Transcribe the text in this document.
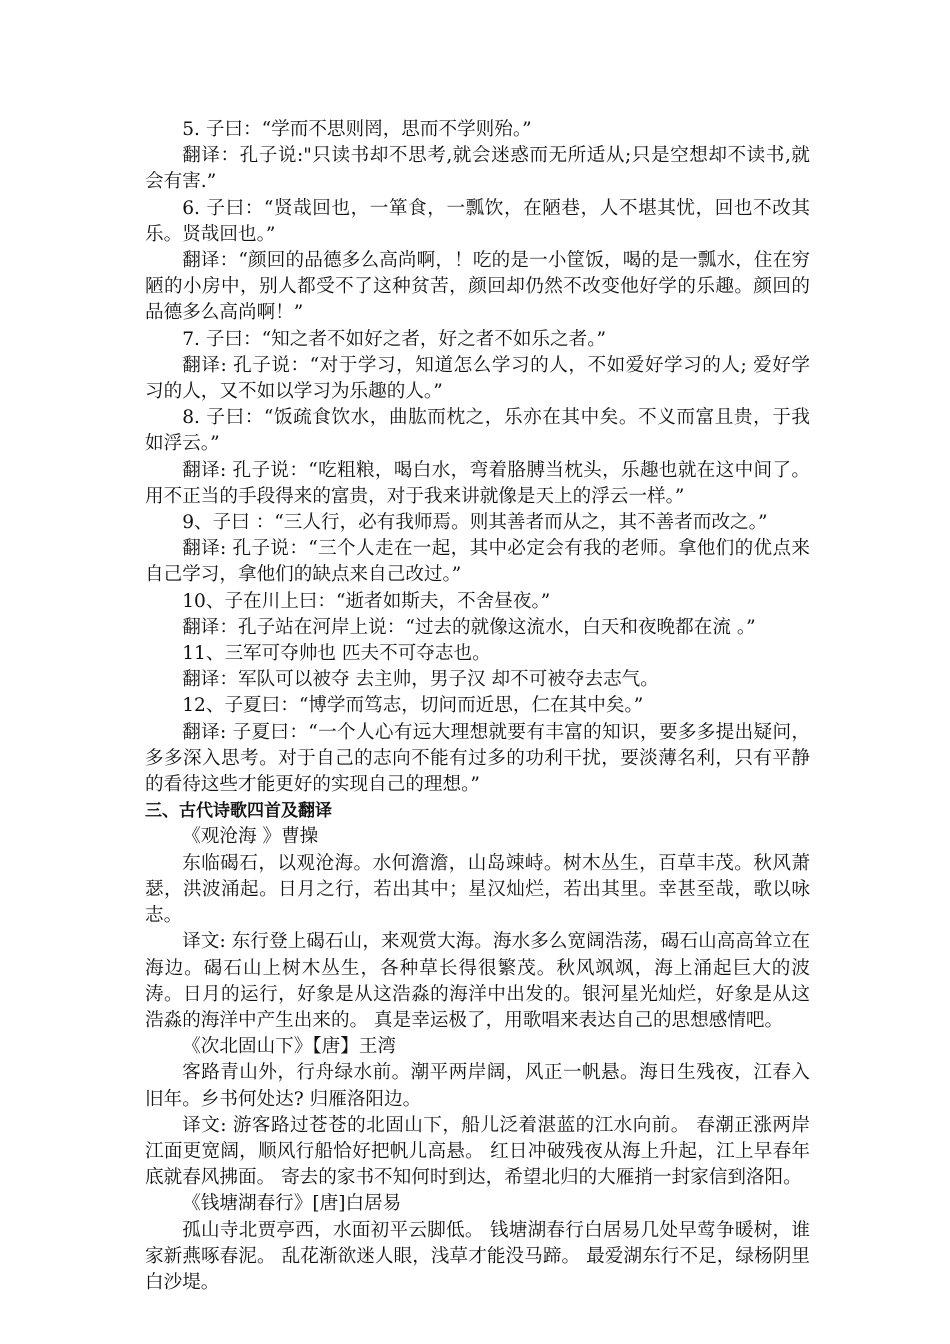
5. 子曰：“学而不思则罔，思而不学则殆。”

翻译：孔子说:"只读书却不思考,就会迷惑而无所适从;只是空想却不读书,就会有害.”

6. 子曰：“贤哉回也，一箪食，一瓢饮，在陋巷，人不堪其忧，回也不改其乐。贤哉回也。”

翻译：“颜回的品德多么高尚啊，！吃的是一小筐饭，喝的是一瓢水，住在穷陋的小房中，别人都受不了这种贫苦，颜回却仍然不改变他好学的乐趣。颜回的品德多么高尚啊！”

7. 子曰：“知之者不如好之者，好之者不如乐之者。”

翻译: 孔子说：“对于学习，知道怎么学习的人，不如爱好学习的人; 爱好学习的人，又不如以学习为乐趣的人。”

8. 子曰：“饭疏食饮水，曲肱而枕之，乐亦在其中矣。不义而富且贵，于我如浮云。”

翻译: 孔子说：“吃粗粮，喝白水，弯着胳膊当枕头，乐趣也就在这中间了。用不正当的手段得来的富贵，对于我来讲就像是天上的浮云一样。”

9、子曰 ：“三人行，必有我师焉。则其善者而从之，其不善者而改之。”

翻译: 孔子说：“三个人走在一起，其中必定会有我的老师。拿他们的优点来自己学习，拿他们的缺点来自己改过。”

10、子在川上曰：“逝者如斯夫，不舍昼夜。”

翻译：孔子站在河岸上说：“过去的就像这流水，白天和夜晚都在流 。”

11、三军可夺帅也 匹夫不可夺志也。

翻译：军队可以被夺 去主帅，男子汉 却不可被夺去志气。

12、子夏曰：“博学而笃志，切问而近思，仁在其中矣。”

翻译: 子夏曰：“一个人心有远大理想就要有丰富的知识，要多多提出疑问，多多深入思考。对于自己的志向不能有过多的功利干扰，要淡薄名利，只有平静的看待这些才能更好的实现自己的理想。”

三、古代诗歌四首及翻译

《观沧海 》曹操

东临碣石，以观沧海。水何澹澹，山岛竦峙。树木丛生，百草丰茂。秋风萧瑟，洪波涌起。日月之行，若出其中；星汉灿烂，若出其里。幸甚至哉，歌以咏志。

译文: 东行登上碣石山，来观赏大海。海水多么宽阔浩荡，碣石山高高耸立在海边。碣石山上树木丛生，各种草长得很繁茂。秋风飒飒，海上涌起巨大的波涛。日月的运行，好象是从这浩淼的海洋中出发的。银河星光灿烂，好象是从这浩淼的海洋中产生出来的。 真是幸运极了，用歌唱来表达自己的思想感情吧。

《次北固山下》【唐】王湾

客路青山外，行舟绿水前。潮平两岸阔，风正一帆悬。海日生残夜，江春入旧年。乡书何处达? 归雁洛阳边。

译文: 游客路过苍苍的北固山下，船儿泛着湛蓝的江水向前。 春潮正涨两岸江面更宽阔，顺风行船恰好把帆儿高悬。 红日冲破残夜从海上升起，江上早春年底就春风拂面。 寄去的家书不知何时到达，希望北归的大雁捎一封家信到洛阳。

《钱塘湖春行》[唐]白居易

孤山寺北贾亭西，水面初平云脚低。 钱塘湖春行白居易几处早莺争暖树，谁家新燕啄春泥。 乱花渐欲迷人眼，浅草才能没马蹄。 最爱湖东行不足，绿杨阴里白沙堤。
